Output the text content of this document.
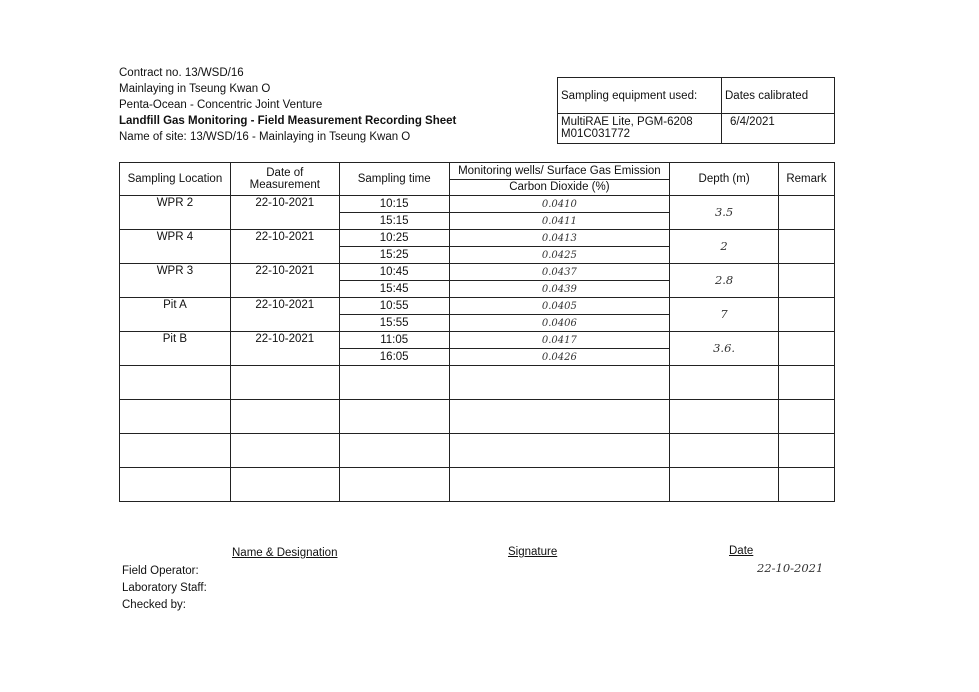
Contract no. 13/WSD/16
Mainlaying in Tseung Kwan O
Penta-Ocean - Concentric Joint Venture
Landfill Gas Monitoring - Field Measurement Recording Sheet
Name of site: 13/WSD/16 - Mainlaying in Tseung Kwan O
Sampling equipment used:	Dates calibrated

MultiRAE Lite, PGM-6208
M01C031772	6/4/2021
Sampling Location	Date of Measurement	Sampling time	Monitoring wells/ Surface Gas Emission
Carbon Dioxide (%)	Depth (m)	Remark
WPR 2	22-10-2021	10:15	0.0410	3.5	
		15:15	0.0411		
WPR 4	22-10-2021	10:25	0.0413	2	
		15:25	0.0425		
WPR 3	22-10-2021	10:45	0.0437	2.8	
		15:45	0.0439		
Pit A	22-10-2021	10:55	0.0405	7	
		15:55	0.0406		
Pit B	22-10-2021	11:05	0.0417	3.6.	
		16:05	0.0426		

Name & Designation	Signature	Date
22-10-2021
Field Operator:
Laboratory Staff:
Checked by:
